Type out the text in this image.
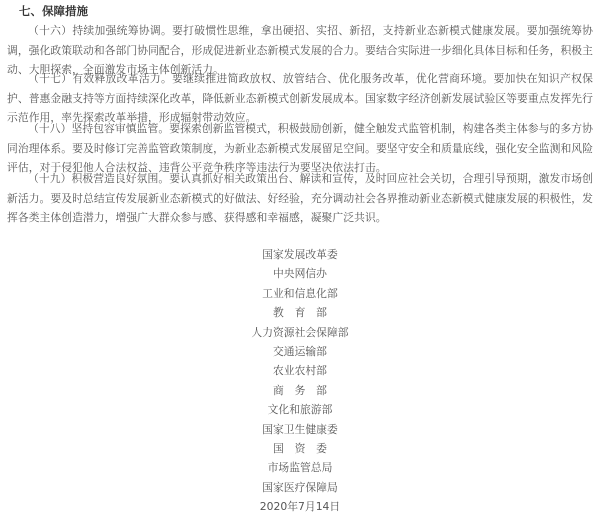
七、保障措施

（十六）持续加强统筹协调。要打破惯性思维，拿出硬招、实招、新招，支持新业态新模式健康发展。要加强统筹协调，强化政策联动和各部门协同配合，形成促进新业态新模式发展的合力。要结合实际进一步细化具体目标和任务，积极主动、大胆探索，全面激发市场主体创新活力。

（十七）有效释放改革活力。要继续推进简政放权、放管结合、优化服务改革，优化营商环境。要加快在知识产权保护、普惠金融支持等方面持续深化改革，降低新业态新模式创新发展成本。国家数字经济创新发展试验区等要重点发挥先行示范作用，率先探索改革举措，形成辐射带动效应。

（十八）坚持包容审慎监管。要探索创新监管模式，积极鼓励创新，健全触发式监管机制，构建各类主体参与的多方协同治理体系。要及时修订完善监管政策制度，为新业态新模式发展留足空间。要坚守安全和质量底线，强化安全监测和风险评估，对于侵犯他人合法权益、违背公平竞争秩序等违法行为要坚决依法打击。

（十九）积极营造良好氛围。要认真抓好相关政策出台、解读和宣传，及时回应社会关切，合理引导预期，激发市场创新活力。要及时总结宣传发展新业态新模式的好做法、好经验，充分调动社会各界推动新业态新模式健康发展的积极性，发挥各类主体创造潜力，增强广大群众参与感、获得感和幸福感，凝聚广泛共识。

国家发展改革委
中央网信办
工业和信息化部
教　育　部
人力资源社会保障部
交通运输部
农业农村部
商　务　部
文化和旅游部
国家卫生健康委
国　资　委
市场监管总局
国家医疗保障局
2020年7月14日
